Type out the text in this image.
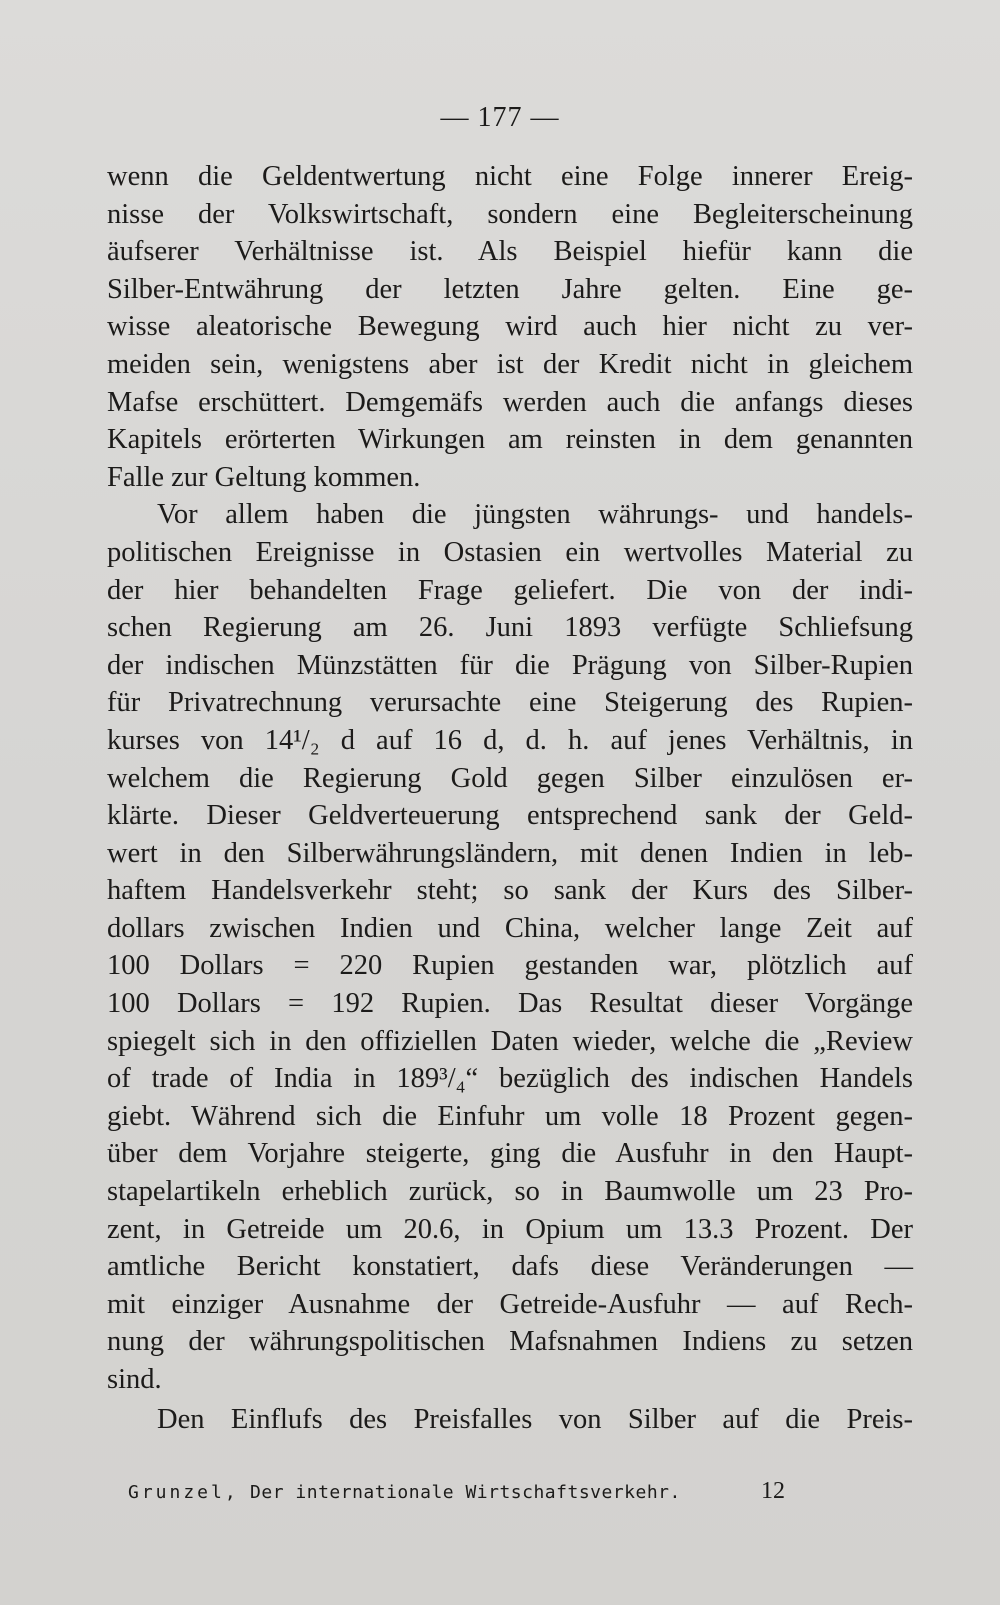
— 177 —

wenn die Geldentwertung nicht eine Folge innerer Ereig-
nisse der Volkswirtschaft, sondern eine Begleiterscheinung
äufserer Verhältnisse ist. Als Beispiel hiefür kann die
Silber-Entwährung der letzten Jahre gelten. Eine ge-
wisse aleatorische Bewegung wird auch hier nicht zu ver-
meiden sein, wenigstens aber ist der Kredit nicht in gleichem
Mafse erschüttert. Demgemäfs werden auch die anfangs dieses
Kapitels erörterten Wirkungen am reinsten in dem genannten
Falle zur Geltung kommen.

Vor allem haben die jüngsten währungs- und handels-
politischen Ereignisse in Ostasien ein wertvolles Material zu
der hier behandelten Frage geliefert. Die von der indi-
schen Regierung am 26. Juni 1893 verfügte Schliefsung
der indischen Münzstätten für die Prägung von Silber-Rupien
für Privatrechnung verursachte eine Steigerung des Rupien-
kurses von 14¹/₂ d auf 16 d, d. h. auf jenes Verhältnis, in
welchem die Regierung Gold gegen Silber einzulösen er-
klärte. Dieser Geldverteuerung entsprechend sank der Geld-
wert in den Silberwährungsländern, mit denen Indien in leb-
haftem Handelsverkehr steht; so sank der Kurs des Silber-
dollars zwischen Indien und China, welcher lange Zeit auf
100 Dollars = 220 Rupien gestanden war, plötzlich auf
100 Dollars = 192 Rupien. Das Resultat dieser Vorgänge
spiegelt sich in den offiziellen Daten wieder, welche die „Review
of trade of India in 189³/₄“ bezüglich des indischen Handels
giebt. Während sich die Einfuhr um volle 18 Prozent gegen-
über dem Vorjahre steigerte, ging die Ausfuhr in den Haupt-
stapelartikeln erheblich zurück, so in Baumwolle um 23 Pro-
zent, in Getreide um 20.6, in Opium um 13.3 Prozent. Der
amtliche Bericht konstatiert, dafs diese Veränderungen —
mit einziger Ausnahme der Getreide-Ausfuhr — auf Rech-
nung der währungspolitischen Mafsnahmen Indiens zu setzen
sind.

Den Einflufs des Preisfalles von Silber auf die Preis-

Grunzel, Der internationale Wirtschaftsverkehr.	12
